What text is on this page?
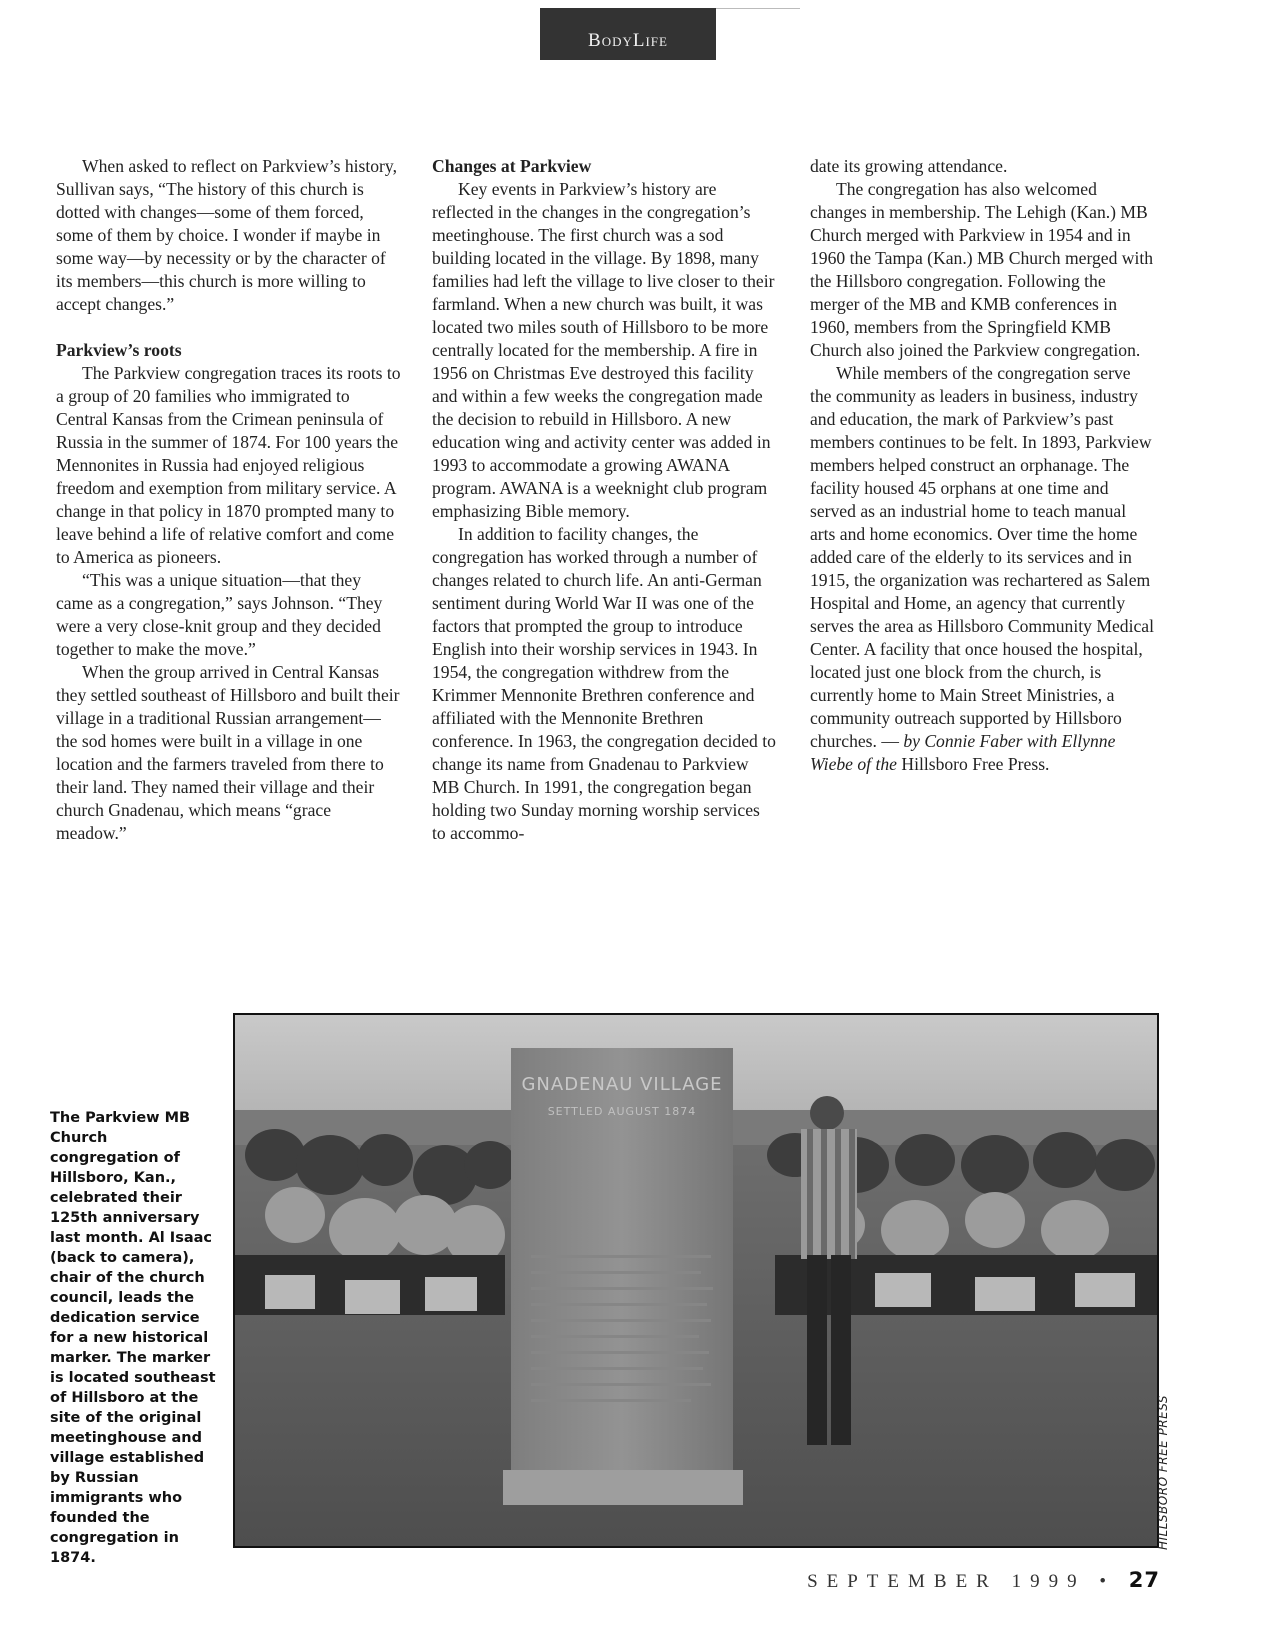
BodyLife

When asked to reflect on Parkview’s history, Sullivan says, “The history of this church is dotted with changes—some of them forced, some of them by choice. I wonder if maybe in some way—by necessity or by the character of its members—this church is more willing to accept changes.”

Parkview’s roots

The Parkview congregation traces its roots to a group of 20 families who immigrated to Central Kansas from the Crimean peninsula of Russia in the summer of 1874. For 100 years the Mennonites in Russia had enjoyed religious freedom and exemption from military service. A change in that policy in 1870 prompted many to leave behind a life of relative comfort and come to America as pioneers.

“This was a unique situation—that they came as a congregation,” says Johnson. “They were a very close-knit group and they decided together to make the move.”

When the group arrived in Central Kansas they settled southeast of Hillsboro and built their village in a traditional Russian arrangement—the sod homes were built in a village in one location and the farmers traveled from there to their land. They named their village and their church Gnadenau, which means “grace meadow.”

Changes at Parkview

Key events in Parkview’s history are reflected in the changes in the congregation’s meetinghouse. The first church was a sod building located in the village. By 1898, many families had left the village to live closer to their farmland. When a new church was built, it was located two miles south of Hillsboro to be more centrally located for the membership. A fire in 1956 on Christmas Eve destroyed this facility and within a few weeks the congregation made the decision to rebuild in Hillsboro. A new education wing and activity center was added in 1993 to accommodate a growing AWANA program. AWANA is a weeknight club program emphasizing Bible memory.

In addition to facility changes, the congregation has worked through a number of changes related to church life. An anti-German sentiment during World War II was one of the factors that prompted the group to introduce English into their worship services in 1943. In 1954, the congregation withdrew from the Krimmer Mennonite Brethren conference and affiliated with the Mennonite Brethren conference. In 1963, the congregation decided to change its name from Gnadenau to Parkview MB Church. In 1991, the congregation began holding two Sunday morning worship services to accommo-

date its growing attendance.

The congregation has also welcomed changes in membership. The Lehigh (Kan.) MB Church merged with Parkview in 1954 and in 1960 the Tampa (Kan.) MB Church merged with the Hillsboro congregation. Following the merger of the MB and KMB conferences in 1960, members from the Springfield KMB Church also joined the Parkview congregation.

While members of the congregation serve the community as leaders in business, industry and education, the mark of Parkview’s past members continues to be felt. In 1893, Parkview members helped construct an orphanage. The facility housed 45 orphans at one time and served as an industrial home to teach manual arts and home economics. Over time the home added care of the elderly to its services and in 1915, the organization was rechartered as Salem Hospital and Home, an agency that currently serves the area as Hillsboro Community Medical Center. A facility that once housed the hospital, located just one block from the church, is currently home to Main Street Ministries, a community outreach supported by Hillsboro churches. — by Connie Faber with Ellynne Wiebe of the Hillsboro Free Press.

The Parkview MB Church congregation of Hillsboro, Kan., celebrated their 125th anniversary last month. Al Isaac (back to camera), chair of the church council, leads the dedication service for a new historical marker. The marker is located southeast of Hillsboro at the site of the original meetinghouse and village established by Russian immigrants who founded the congregation in 1874.
GNADENAU VILLAGE
SETTLED AUGUST 1874
HILLSBORO FREE PRESS
SEPTEMBER 1999 • 27
